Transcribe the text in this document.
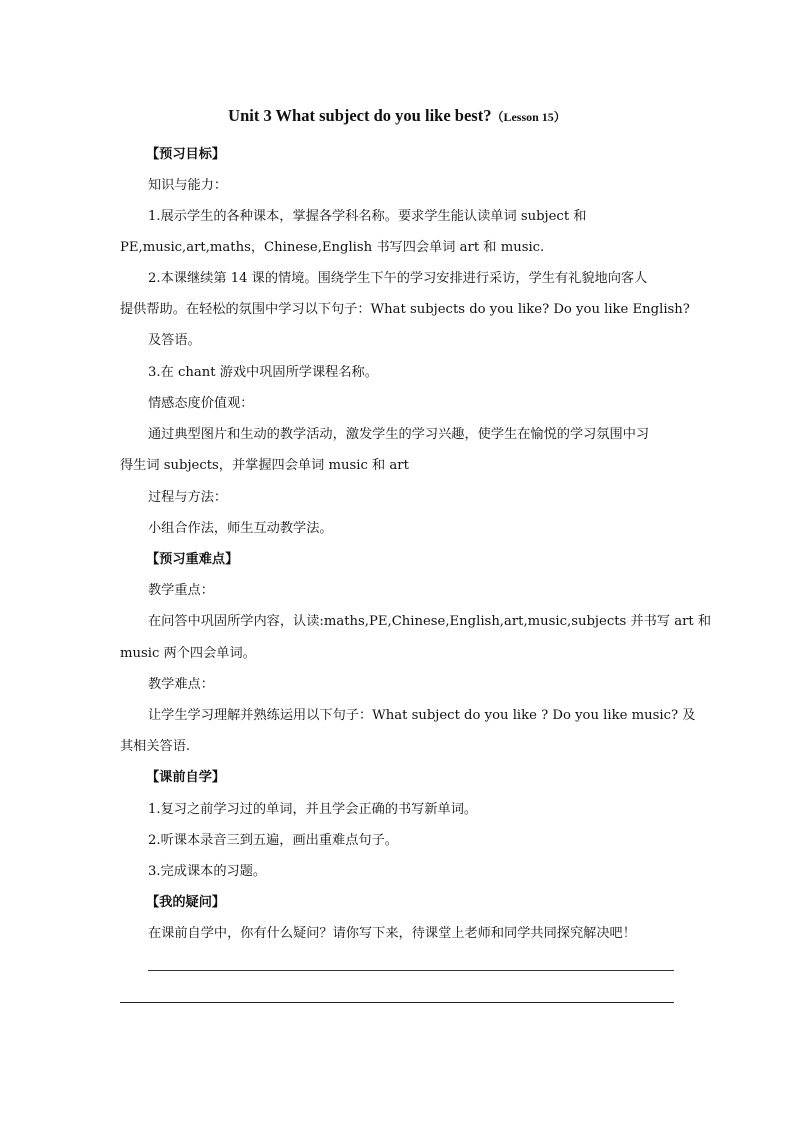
Unit 3 What subject do you like best?（Lesson 15）
【预习目标】
知识与能力：
1.展示学生的各种课本，掌握各学科名称。要求学生能认读单词 subject 和
PE,music,art,maths，Chinese,English 书写四会单词 art 和 music.
2.本课继续第 14 课的情境。围绕学生下午的学习安排进行采访，学生有礼貌地向客人
提供帮助。在轻松的氛围中学习以下句子：What subjects do you like? Do you like English?
及答语。
3.在 chant 游戏中巩固所学课程名称。
情感态度价值观：
通过典型图片和生动的教学活动，激发学生的学习兴趣，使学生在愉悦的学习氛围中习
得生词 subjects，并掌握四会单词 music 和 art
过程与方法：
小组合作法，师生互动教学法。
【预习重难点】
教学重点：
在问答中巩固所学内容，认读:maths,PE,Chinese,English,art,music,subjects 并书写 art 和
music 两个四会单词。
教学难点：
让学生学习理解并熟练运用以下句子：What subject do you like ? Do you like music? 及
其相关答语.
【课前自学】
1.复习之前学习过的单词，并且学会正确的书写新单词。
2.听课本录音三到五遍，画出重难点句子。
3.完成课本的习题。
【我的疑问】
在课前自学中，你有什么疑问？请你写下来，待课堂上老师和同学共同探究解决吧！
